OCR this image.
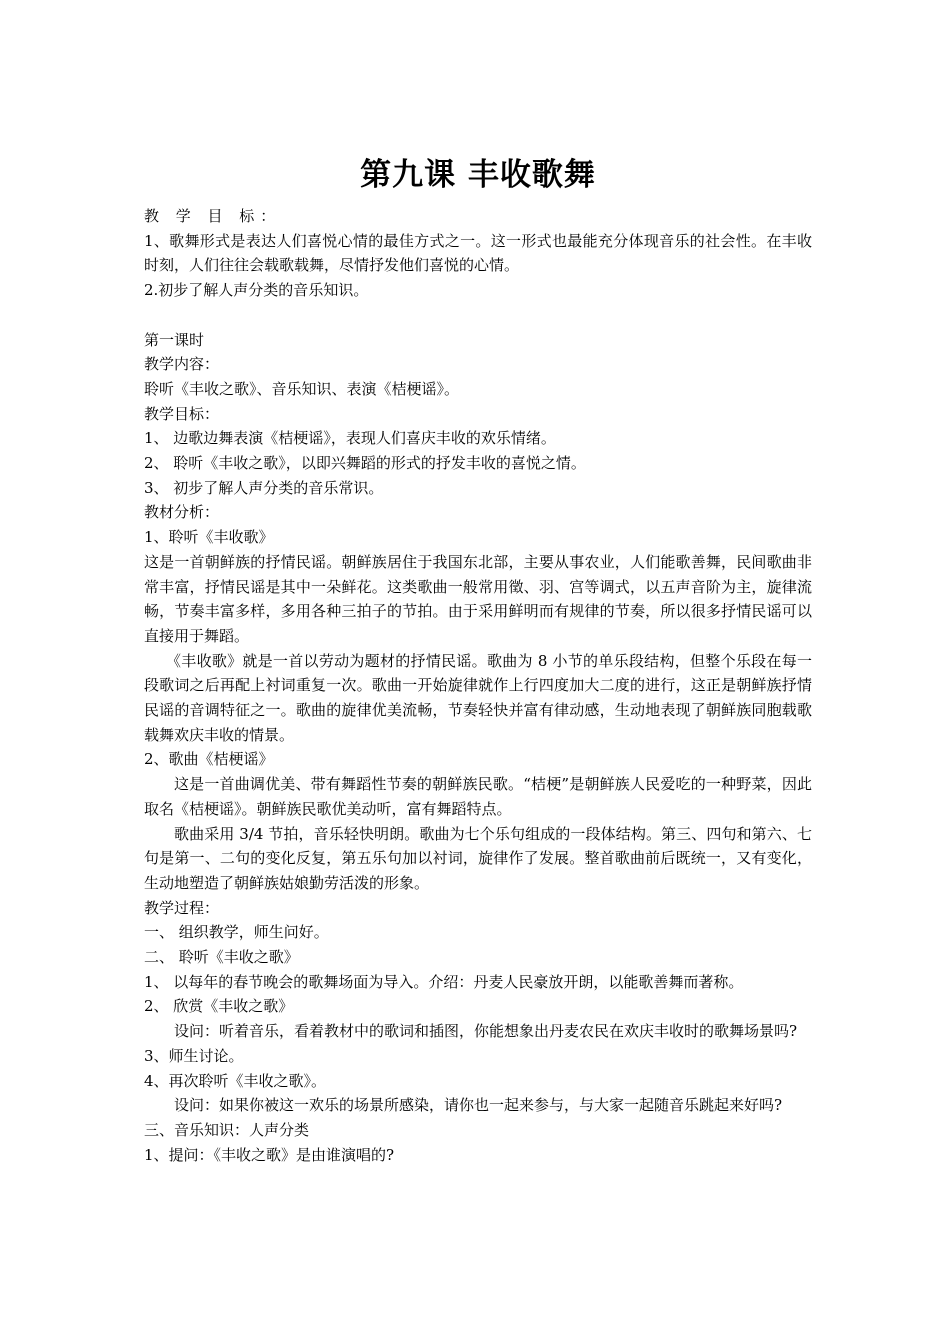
第九课 丰收歌舞

教 学 目 标：

1、歌舞形式是表达人们喜悦心情的最佳方式之一。这一形式也最能充分体现音乐的社会性。在丰收时刻，人们往往会载歌载舞，尽情抒发他们喜悦的心情。

2.初步了解人声分类的音乐知识。

第一课时

教学内容：

聆听《丰收之歌》、音乐知识、表演《桔梗谣》。

教学目标：

1、 边歌边舞表演《桔梗谣》，表现人们喜庆丰收的欢乐情绪。

2、 聆听《丰收之歌》，以即兴舞蹈的形式的抒发丰收的喜悦之情。

3、 初步了解人声分类的音乐常识。

教材分析：

1、聆听《丰收歌》

这是一首朝鲜族的抒情民谣。朝鲜族居住于我国东北部，主要从事农业，人们能歌善舞，民间歌曲非常丰富，抒情民谣是其中一朵鲜花。这类歌曲一般常用徵、羽、宫等调式，以五声音阶为主，旋律流畅，节奏丰富多样，多用各种三拍子的节拍。由于采用鲜明而有规律的节奏，所以很多抒情民谣可以直接用于舞蹈。

《丰收歌》就是一首以劳动为题材的抒情民谣。歌曲为 8 小节的单乐段结构，但整个乐段在每一段歌词之后再配上衬词重复一次。歌曲一开始旋律就作上行四度加大二度的进行，这正是朝鲜族抒情民谣的音调特征之一。歌曲的旋律优美流畅，节奏轻快并富有律动感，生动地表现了朝鲜族同胞载歌载舞欢庆丰收的情景。

2、歌曲《桔梗谣》

这是一首曲调优美、带有舞蹈性节奏的朝鲜族民歌。“桔梗”是朝鲜族人民爱吃的一种野菜，因此取名《桔梗谣》。朝鲜族民歌优美动听，富有舞蹈特点。

歌曲采用 3/4 节拍，音乐轻快明朗。歌曲为七个乐句组成的一段体结构。第三、四句和第六、七句是第一、二句的变化反复，第五乐句加以衬词，旋律作了发展。整首歌曲前后既统一，又有变化，生动地塑造了朝鲜族姑娘勤劳活泼的形象。

教学过程：

一、 组织教学，师生问好。

二、 聆听《丰收之歌》

1、 以每年的春节晚会的歌舞场面为导入。介绍：丹麦人民豪放开朗，以能歌善舞而著称。

2、 欣赏《丰收之歌》

设问：听着音乐，看着教材中的歌词和插图，你能想象出丹麦农民在欢庆丰收时的歌舞场景吗?

3、师生讨论。

4、再次聆听《丰收之歌》。

设问：如果你被这一欢乐的场景所感染，请你也一起来参与，与大家一起随音乐跳起来好吗?

三、音乐知识：人声分类

1、提问：《丰收之歌》是由谁演唱的?
